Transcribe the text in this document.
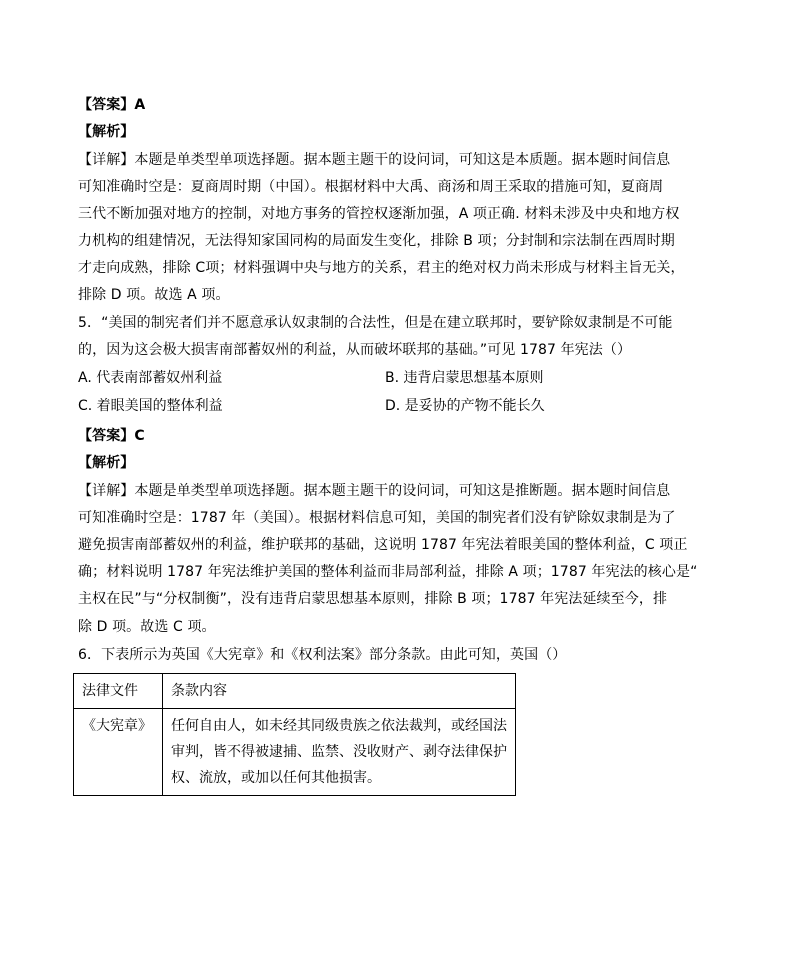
【答案】A
【解析】
【详解】本题是单类型单项选择题。据本题主题干的设问词，可知这是本质题。据本题时间信息
可知准确时空是：夏商周时期（中国）。根据材料中大禹、商汤和周王采取的措施可知，夏商周
三代不断加强对地方的控制，对地方事务的管控权逐渐加强，A 项正确. 材料未涉及中央和地方权
力机构的组建情况，无法得知家国同构的局面发生变化，排除 B 项；分封制和宗法制在西周时期
才走向成熟，排除 C项；材料强调中央与地方的关系，君主的绝对权力尚未形成与材料主旨无关，
排除 D 项。故选 A 项。
5．“美国的制宪者们并不愿意承认奴隶制的合法性，但是在建立联邦时，要铲除奴隶制是不可能
的，因为这会极大损害南部蓄奴州的利益，从而破坏联邦的基础。”可见 1787 年宪法（）
A. 代表南部蓄奴州利益	B. 违背启蒙思想基本原则
C. 着眼美国的整体利益	D. 是妥协的产物不能长久
【答案】C
【解析】
【详解】本题是单类型单项选择题。据本题主题干的设问词，可知这是推断题。据本题时间信息
可知准确时空是：1787 年（美国）。根据材料信息可知，美国的制宪者们没有铲除奴隶制是为了
避免损害南部蓄奴州的利益，维护联邦的基础，这说明 1787 年宪法着眼美国的整体利益，C 项正
确；材料说明 1787 年宪法维护美国的整体利益而非局部利益，排除 A 项；1787 年宪法的核心是“
主权在民”与“分权制衡”，没有违背启蒙思想基本原则，排除 B 项；1787 年宪法延续至今，排
除 D 项。故选 C 项。
6．下表所示为英国《大宪章》和《权利法案》部分条款。由此可知，英国（）
法律文件	条款内容
《大宪章》	任何自由人，如未经其同级贵族之依法裁判，或经国法
审判，皆不得被逮捕、监禁、没收财产、剥夺法律保护
权、流放，或加以任何其他损害。
